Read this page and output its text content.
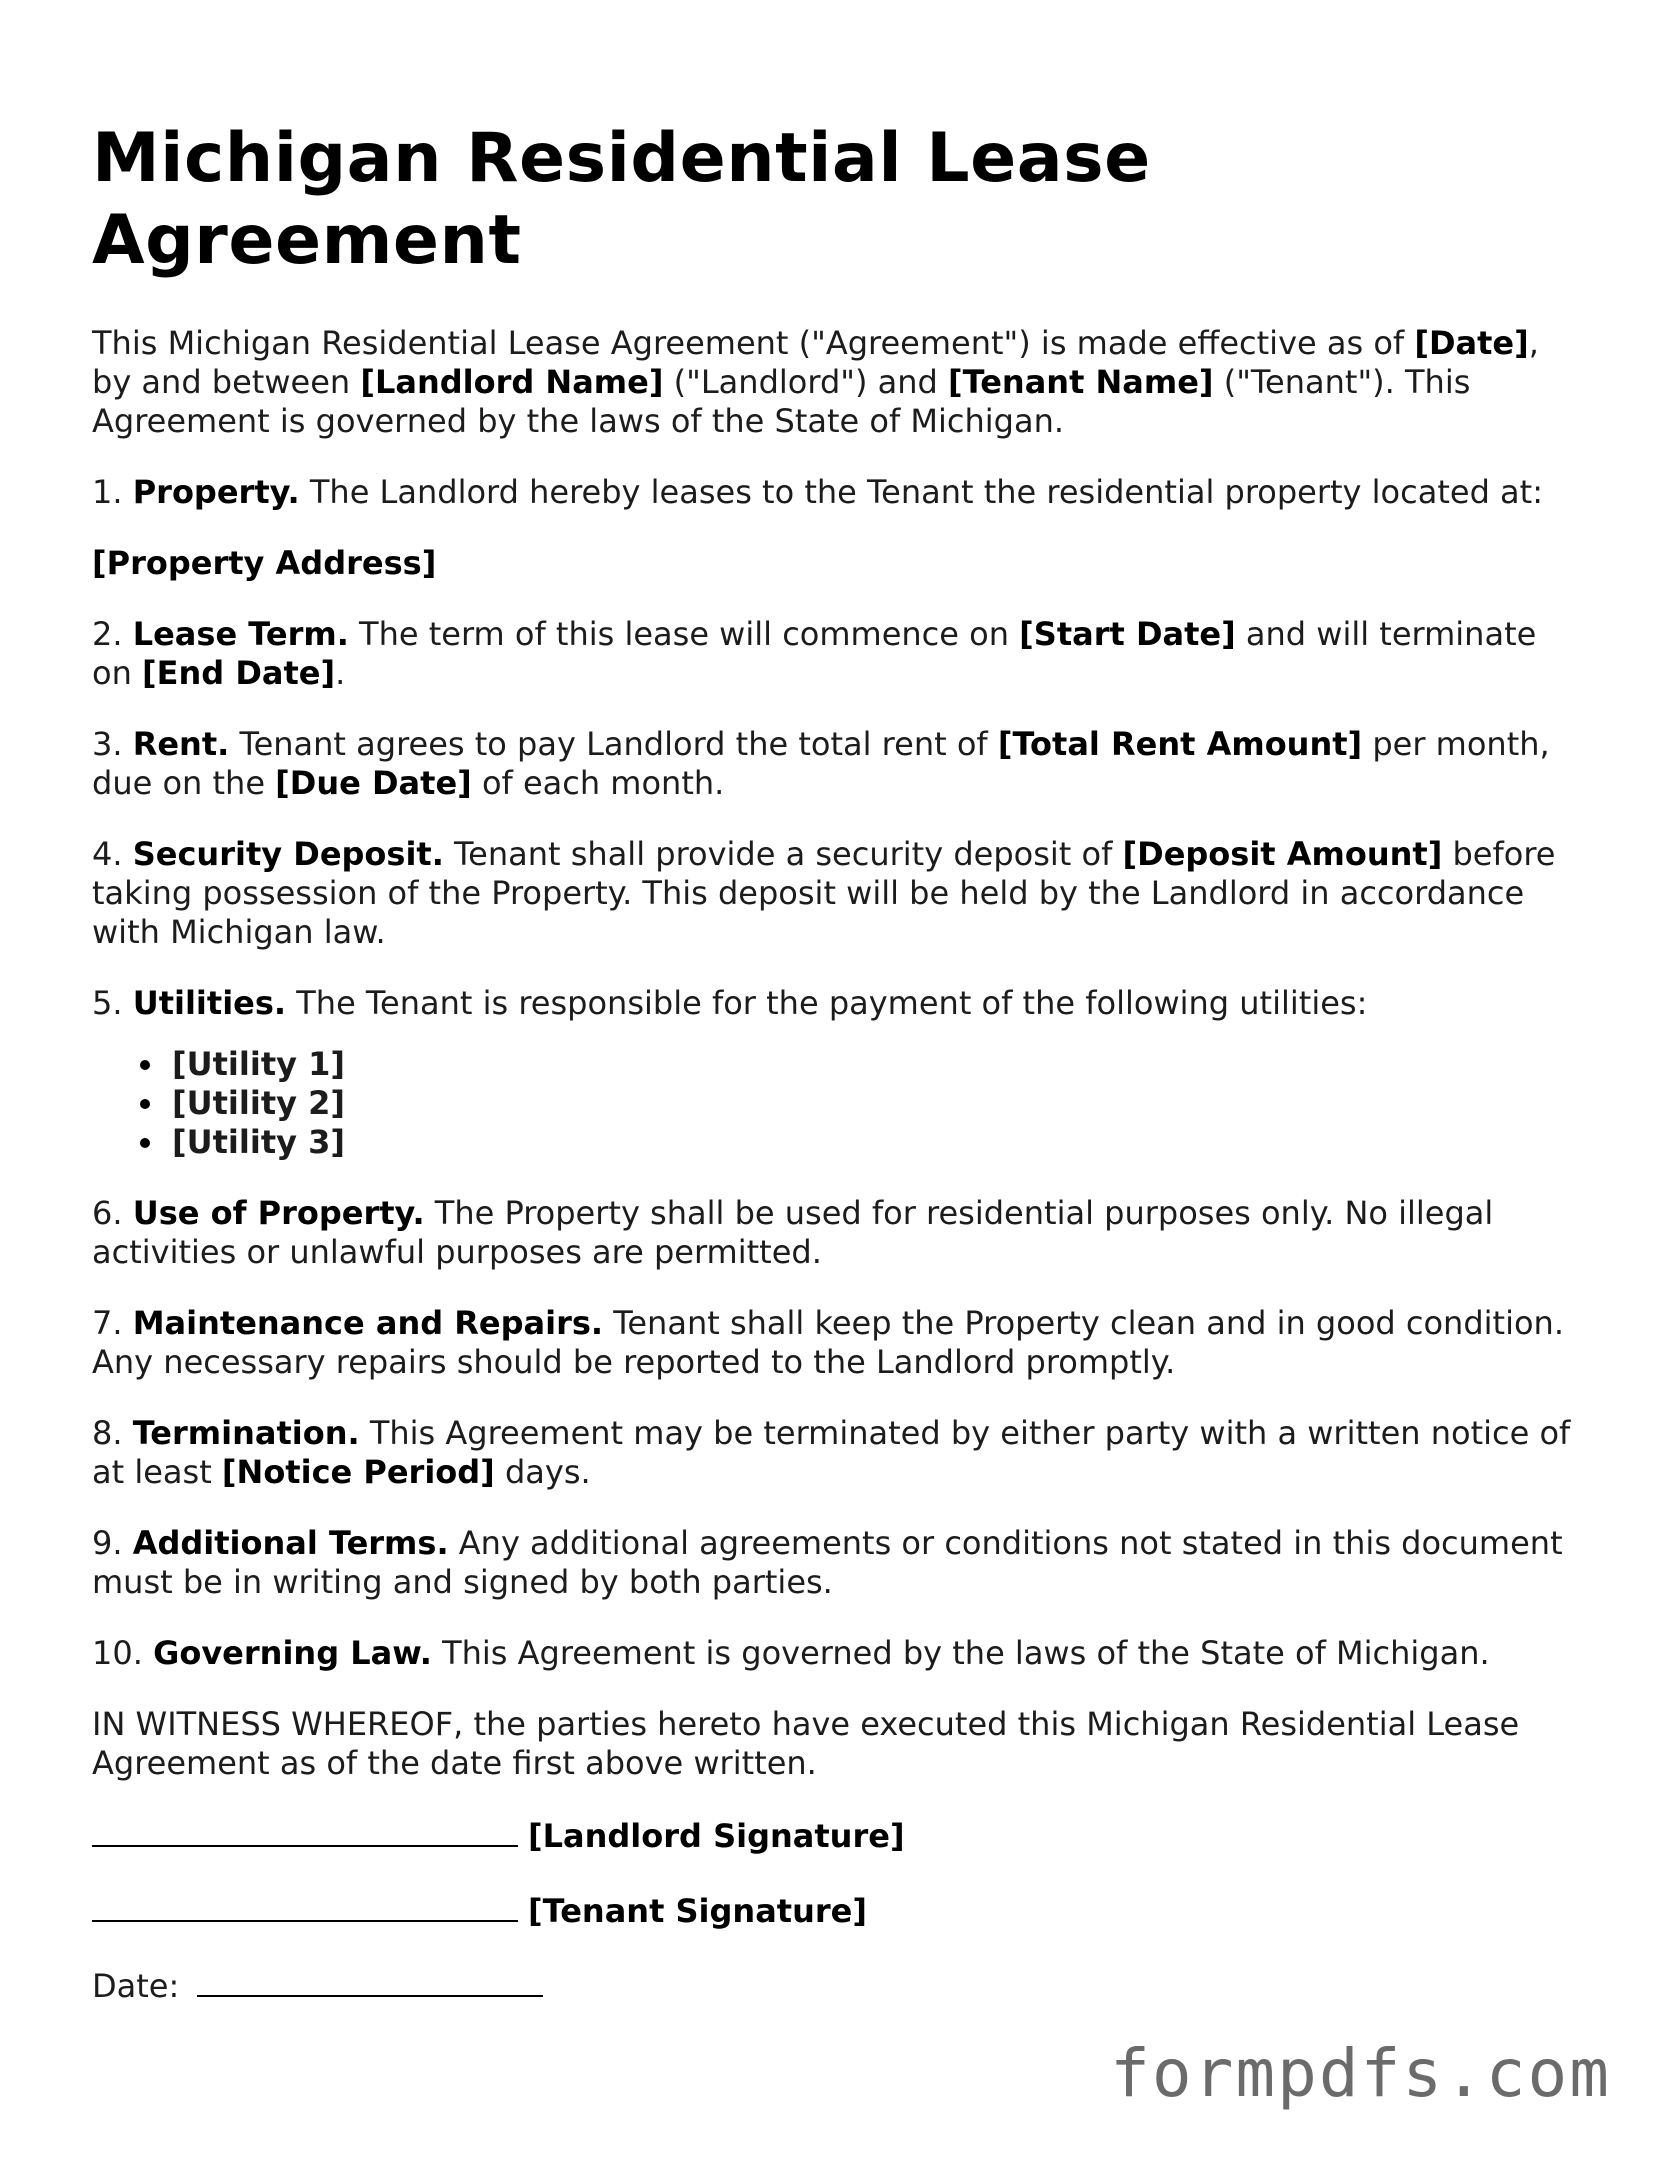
Michigan Residential Lease Agreement

This Michigan Residential Lease Agreement ("Agreement") is made effective as of [Date], by and between [Landlord Name] ("Landlord") and [Tenant Name] ("Tenant"). This Agreement is governed by the laws of the State of Michigan.

1. Property. The Landlord hereby leases to the Tenant the residential property located at:

[Property Address]

2. Lease Term. The term of this lease will commence on [Start Date] and will terminate on [End Date].

3. Rent. Tenant agrees to pay Landlord the total rent of [Total Rent Amount] per month, due on the [Due Date] of each month.

4. Security Deposit. Tenant shall provide a security deposit of [Deposit Amount] before taking possession of the Property. This deposit will be held by the Landlord in accordance with Michigan law.

5. Utilities. The Tenant is responsible for the payment of the following utilities:

[Utility 1]
[Utility 2]
[Utility 3]

6. Use of Property. The Property shall be used for residential purposes only. No illegal activities or unlawful purposes are permitted.

7. Maintenance and Repairs. Tenant shall keep the Property clean and in good condition. Any necessary repairs should be reported to the Landlord promptly.

8. Termination. This Agreement may be terminated by either party with a written notice of at least [Notice Period] days.

9. Additional Terms. Any additional agreements or conditions not stated in this document must be in writing and signed by both parties.

10. Governing Law. This Agreement is governed by the laws of the State of Michigan.

IN WITNESS WHEREOF, the parties hereto have executed this Michigan Residential Lease Agreement as of the date first above written.

[Landlord Signature]

[Tenant Signature]

Date:

formpdfs.com
